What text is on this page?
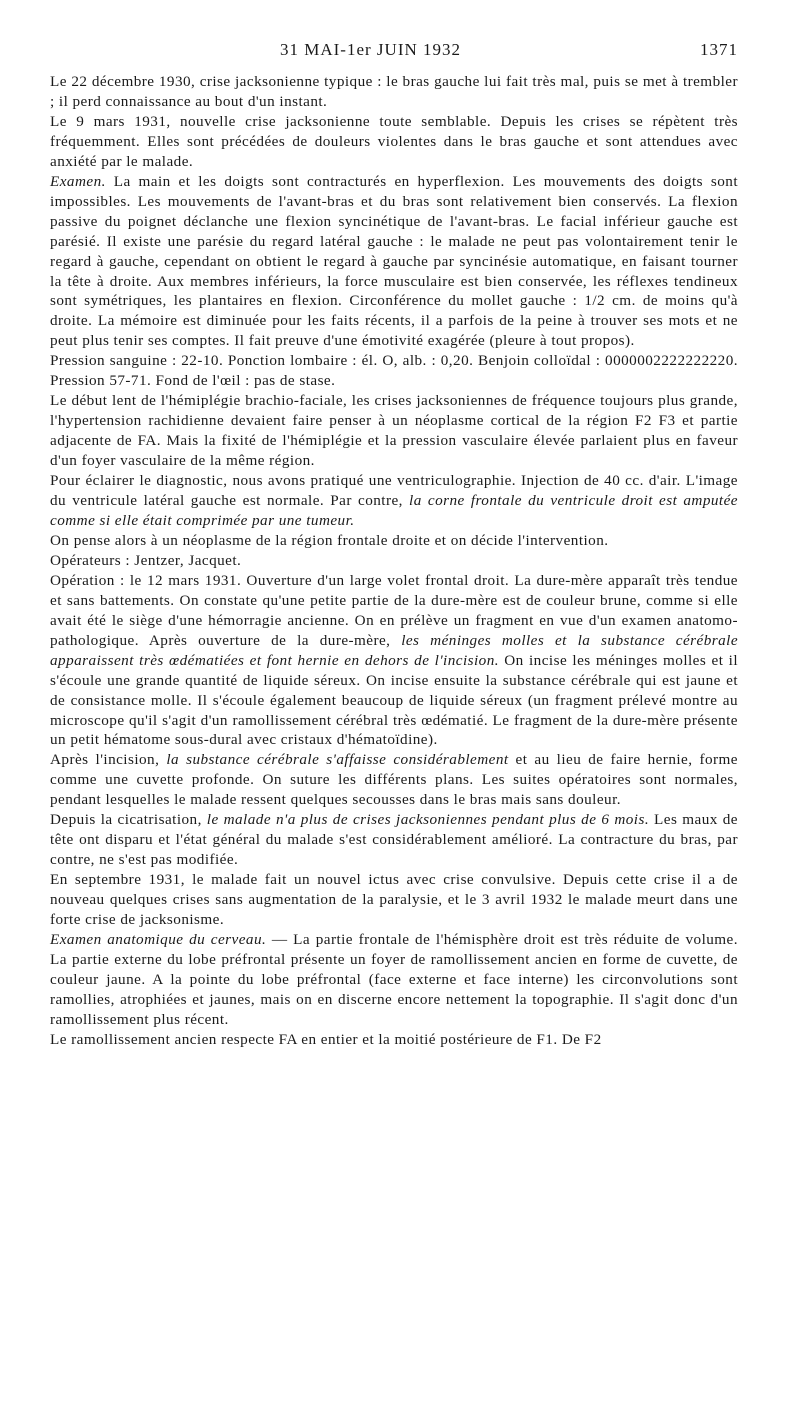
31 MAI-1er JUIN 1932	1371

Le 22 décembre 1930, crise jacksonienne typique : le bras gauche lui fait très mal, puis se met à trembler ; il perd connaissance au bout d'un instant.

Le 9 mars 1931, nouvelle crise jacksonienne toute semblable. Depuis les crises se répètent très fréquemment. Elles sont précédées de douleurs violentes dans le bras gauche et sont attendues avec anxiété par le malade.

Examen. La main et les doigts sont contracturés en hyperflexion. Les mouvements des doigts sont impossibles. Les mouvements de l'avant-bras et du bras sont relativement bien conservés. La flexion passive du poignet déclanche une flexion syncinétique de l'avant-bras. Le facial inférieur gauche est parésié. Il existe une parésie du regard latéral gauche : le malade ne peut pas volontairement tenir le regard à gauche, cependant on obtient le regard à gauche par syncinésie automatique, en faisant tourner la tête à droite. Aux membres inférieurs, la force musculaire est bien conservée, les réflexes tendineux sont symétriques, les plantaires en flexion. Circonférence du mollet gauche : 1/2 cm. de moins qu'à droite. La mémoire est diminuée pour les faits récents, il a parfois de la peine à trouver ses mots et ne peut plus tenir ses comptes. Il fait preuve d'une émotivité exagérée (pleure à tout propos).

Pression sanguine : 22-10. Ponction lombaire : él. O, alb. : 0,20. Benjoin colloïdal : 0000002222222220. Pression 57-71. Fond de l'œil : pas de stase.

Le début lent de l'hémiplégie brachio-faciale, les crises jacksoniennes de fréquence toujours plus grande, l'hypertension rachidienne devaient faire penser à un néoplasme cortical de la région F2 F3 et partie adjacente de FA. Mais la fixité de l'hémiplégie et la pression vasculaire élevée parlaient plus en faveur d'un foyer vasculaire de la même région.

Pour éclairer le diagnostic, nous avons pratiqué une ventriculographie. Injection de 40 cc. d'air. L'image du ventricule latéral gauche est normale. Par contre, la corne frontale du ventricule droit est amputée comme si elle était comprimée par une tumeur.

On pense alors à un néoplasme de la région frontale droite et on décide l'intervention.

Opérateurs : Jentzer, Jacquet.

Opération : le 12 mars 1931. Ouverture d'un large volet frontal droit. La dure-mère apparaît très tendue et sans battements. On constate qu'une petite partie de la dure-mère est de couleur brune, comme si elle avait été le siège d'une hémorragie ancienne. On en prélève un fragment en vue d'un examen anatomo-pathologique. Après ouverture de la dure-mère, les méninges molles et la substance cérébrale apparaissent très œdématiées et font hernie en dehors de l'incision. On incise les méninges molles et il s'écoule une grande quantité de liquide séreux. On incise ensuite la substance cérébrale qui est jaune et de consistance molle. Il s'écoule également beaucoup de liquide séreux (un fragment prélevé montre au microscope qu'il s'agit d'un ramollissement cérébral très œdématié. Le fragment de la dure-mère présente un petit hématome sous-dural avec cristaux d'hématoïdine).

Après l'incision, la substance cérébrale s'affaisse considérablement et au lieu de faire hernie, forme comme une cuvette profonde. On suture les différents plans. Les suites opératoires sont normales, pendant lesquelles le malade ressent quelques secousses dans le bras mais sans douleur.

Depuis la cicatrisation, le malade n'a plus de crises jacksoniennes pendant plus de 6 mois. Les maux de tête ont disparu et l'état général du malade s'est considérablement amélioré. La contracture du bras, par contre, ne s'est pas modifiée.

En septembre 1931, le malade fait un nouvel ictus avec crise convulsive. Depuis cette crise il a de nouveau quelques crises sans augmentation de la paralysie, et le 3 avril 1932 le malade meurt dans une forte crise de jacksonisme.

Examen anatomique du cerveau. — La partie frontale de l'hémisphère droit est très réduite de volume. La partie externe du lobe préfrontal présente un foyer de ramollissement ancien en forme de cuvette, de couleur jaune. A la pointe du lobe préfrontal (face externe et face interne) les circonvolutions sont ramollies, atrophiées et jaunes, mais on en discerne encore nettement la topographie. Il s'agit donc d'un ramollissement plus récent.

Le ramollissement ancien respecte FA en entier et la moitié postérieure de F1. De F2
